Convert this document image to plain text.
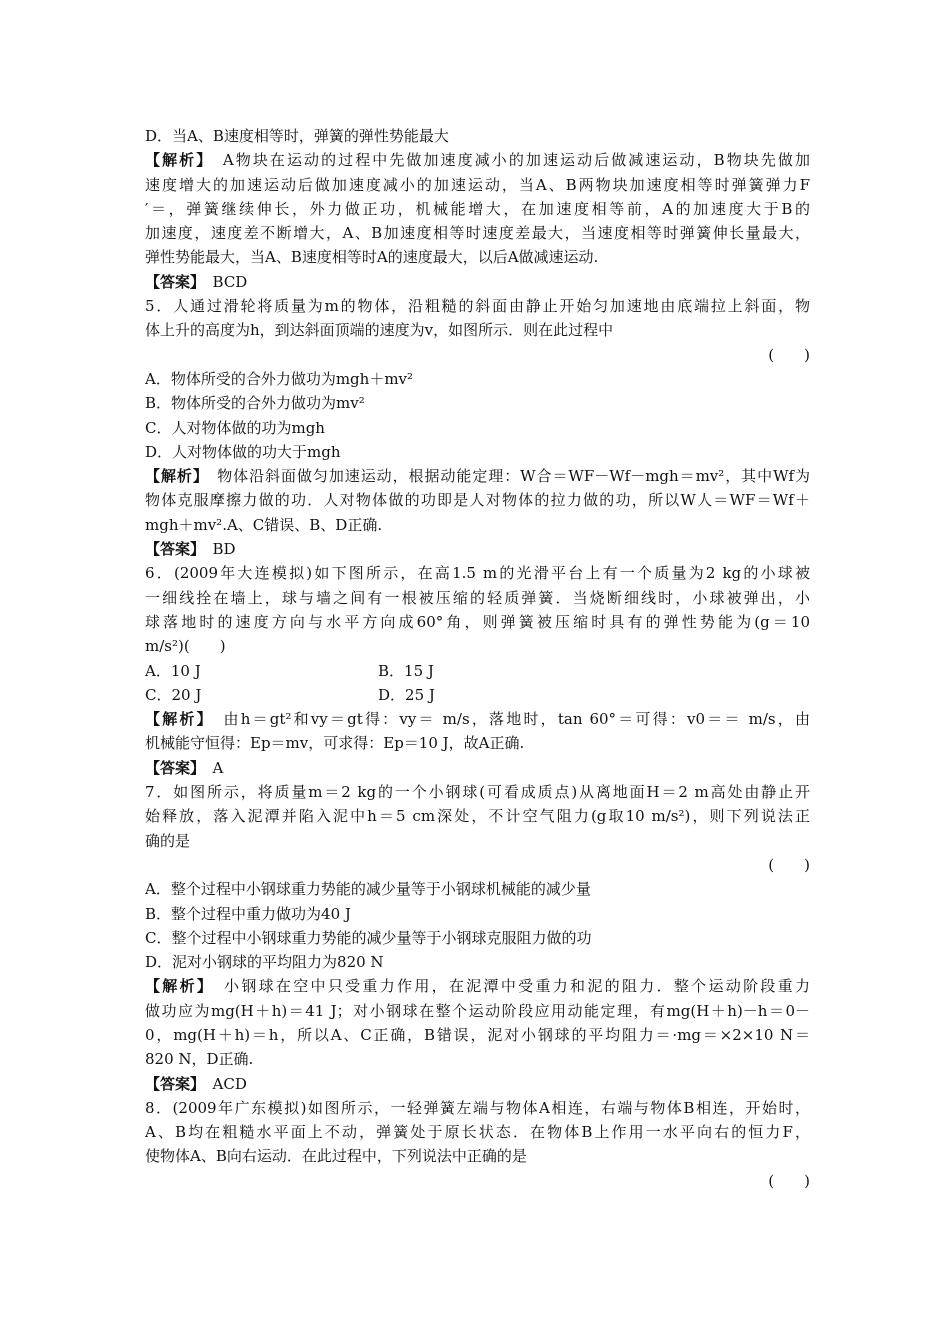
D．当A、B速度相等时，弹簧的弹性势能最大
【解析】　A物块在运动的过程中先做加速度减小的加速运动后做减速运动，B物块先做加
速度增大的加速运动后做加速度减小的加速运动，当A、B两物块加速度相等时弹簧弹力F
′＝，弹簧继续伸长，外力做正功，机械能增大，在加速度相等前，A的加速度大于B的
加速度，速度差不断增大，A、B加速度相等时速度差最大，当速度相等时弹簧伸长量最大，
弹性势能最大，当A、B速度相等时A的速度最大，以后A做减速运动.
【答案】　BCD
5．人通过滑轮将质量为m的物体，沿粗糙的斜面由静止开始匀加速地由底端拉上斜面，物
体上升的高度为h，到达斜面顶端的速度为v，如图所示．则在此过程中
(　　)
A．物体所受的合外力做功为mgh＋mv²
B．物体所受的合外力做功为mv²
C．人对物体做的功为mgh
D．人对物体做的功大于mgh
【解析】　物体沿斜面做匀加速运动，根据动能定理：W合＝WF－Wf－mgh＝mv²，其中Wf为
物体克服摩擦力做的功．人对物体做的功即是人对物体的拉力做的功，所以W人＝WF＝Wf＋
mgh＋mv².A、C错误、B、D正确.
【答案】　BD
6．(2009年大连模拟)如下图所示，在高1.5 m的光滑平台上有一个质量为2 kg的小球被
一细线拴在墙上，球与墙之间有一根被压缩的轻质弹簧．当烧断细线时，小球被弹出，小
球落地时的速度方向与水平方向成60°角，则弹簧被压缩时具有的弹性势能为(g＝10
m/s²)(　　)
A．10 J	B．15 J
C．20 J	D．25 J
【解析】　由h＝gt²和vy＝gt得：vy＝ m/s，落地时，tan 60°＝可得：v0＝＝ m/s，由
机械能守恒得：Ep＝mv，可求得：Ep＝10 J，故A正确.
【答案】　A
7．如图所示，将质量m＝2 kg的一个小钢球(可看成质点)从离地面H＝2 m高处由静止开
始释放，落入泥潭并陷入泥中h＝5 cm深处，不计空气阻力(g取10 m/s²)，则下列说法正
确的是
(　　)
A．整个过程中小钢球重力势能的减少量等于小钢球机械能的减少量
B．整个过程中重力做功为40 J
C．整个过程中小钢球重力势能的减少量等于小钢球克服阻力做的功
D．泥对小钢球的平均阻力为820 N
【解析】　小钢球在空中只受重力作用，在泥潭中受重力和泥的阻力．整个运动阶段重力
做功应为mg(H＋h)＝41 J；对小钢球在整个运动阶段应用动能定理，有mg(H＋h)－h＝0－
0，mg(H＋h)＝h，所以A、C正确，B错误，泥对小钢球的平均阻力＝·mg＝×2×10 N＝
820 N，D正确.
【答案】　ACD
8．(2009年广东模拟)如图所示，一轻弹簧左端与物体A相连，右端与物体B相连，开始时，
A、B均在粗糙水平面上不动，弹簧处于原长状态．在物体B上作用一水平向右的恒力F，
使物体A、B向右运动．在此过程中，下列说法中正确的是
(　　)
